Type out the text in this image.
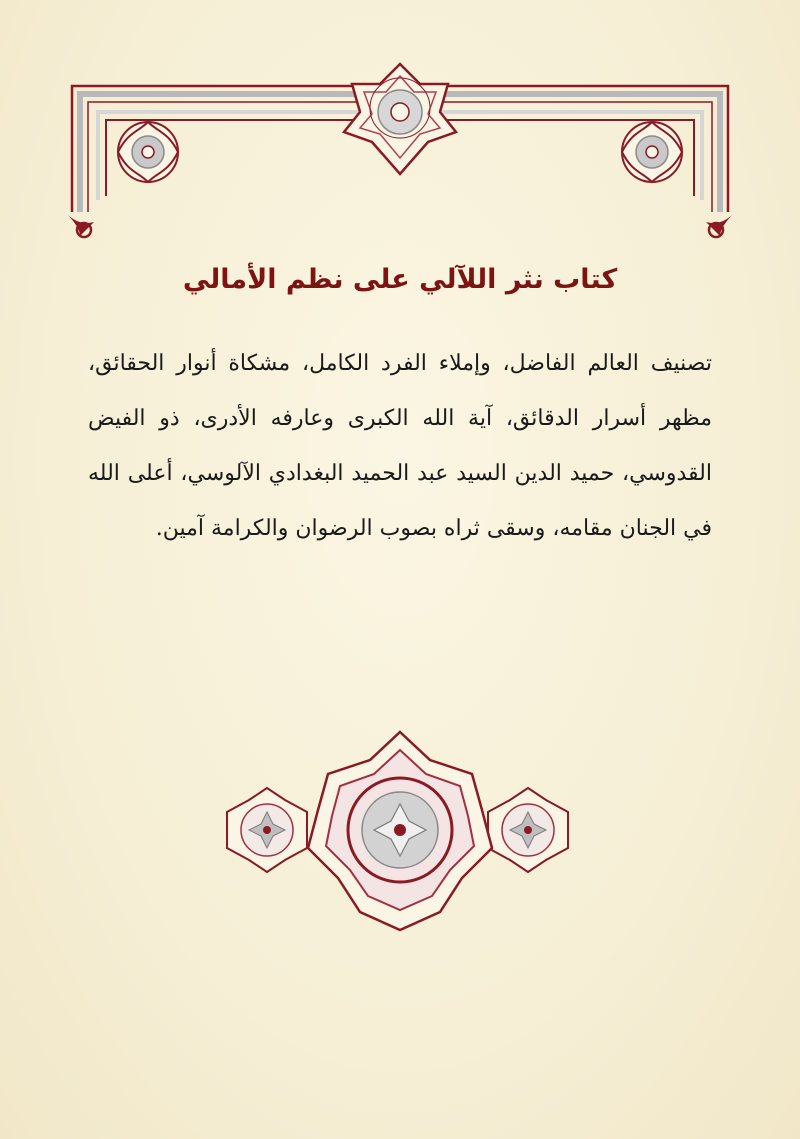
كتاب نثر اللآلي على نظم الأمالي
تصنيف العالم الفاضل، وإملاء الفرد الكامل، مشكاة أنوار الحقائق، مظهر أسرار الدقائق، آية الله الكبرى وعارفه الأدرى، ذو الفيض القدوسي، حميد الدين السيد عبد الحميد البغدادي الآلوسي، أعلى الله في الجنان مقامه، وسقى ثراه بصوب الرضوان والكرامة آمين.
